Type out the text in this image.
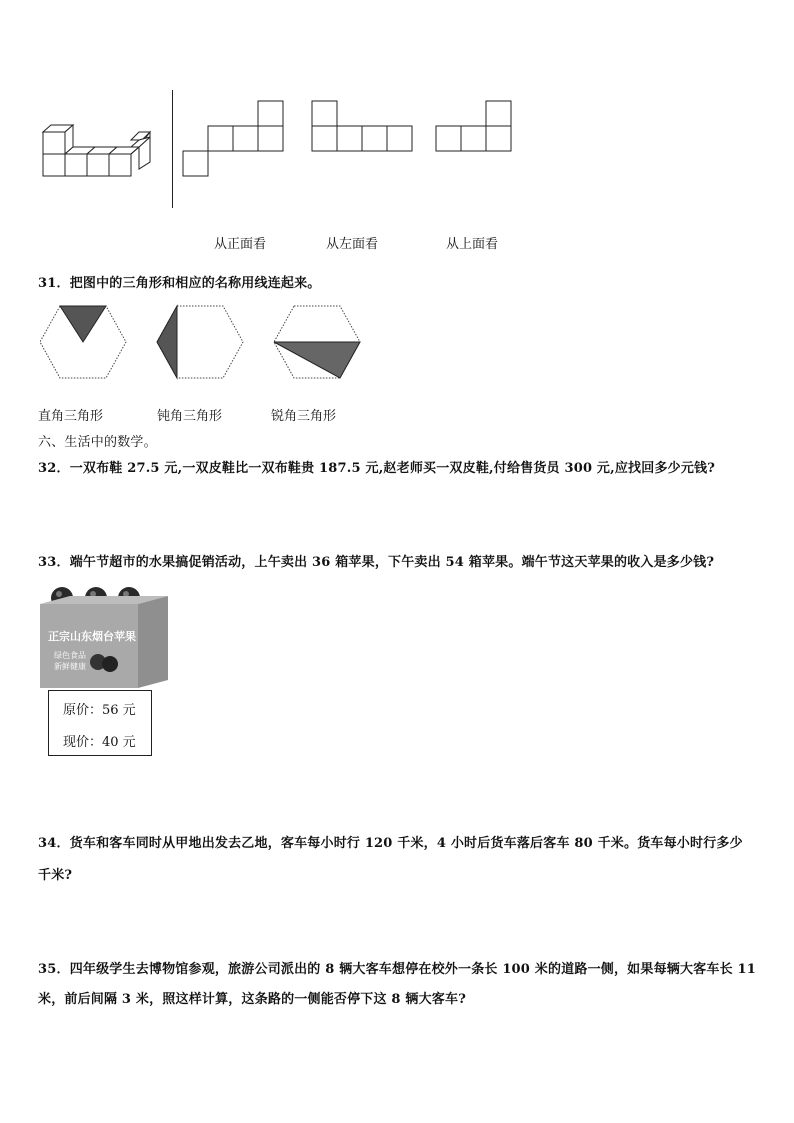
从正面看	从左面看	从上面看
31．把图中的三角形和相应的名称用线连起来。
直角三角形	钝角三角形	锐角三角形
六、生活中的数学。
32．一双布鞋 27.5 元,一双皮鞋比一双布鞋贵 187.5 元,赵老师买一双皮鞋,付给售货员 300 元,应找回多少元钱?
33．端午节超市的水果搞促销活动，上午卖出 36 箱苹果，下午卖出 54 箱苹果。端午节这天苹果的收入是多少钱?
正宗山东烟台苹果
绿色食品
新鲜健康
原价：56 元
现价：40 元
34．货车和客车同时从甲地出发去乙地，客车每小时行 120 千米，4 小时后货车落后客车 80 千米。货车每小时行多少
千米?
35．四年级学生去博物馆参观，旅游公司派出的 8 辆大客车想停在校外一条长 100 米的道路一侧，如果每辆大客车长 11
米，前后间隔 3 米，照这样计算，这条路的一侧能否停下这 8 辆大客车?
